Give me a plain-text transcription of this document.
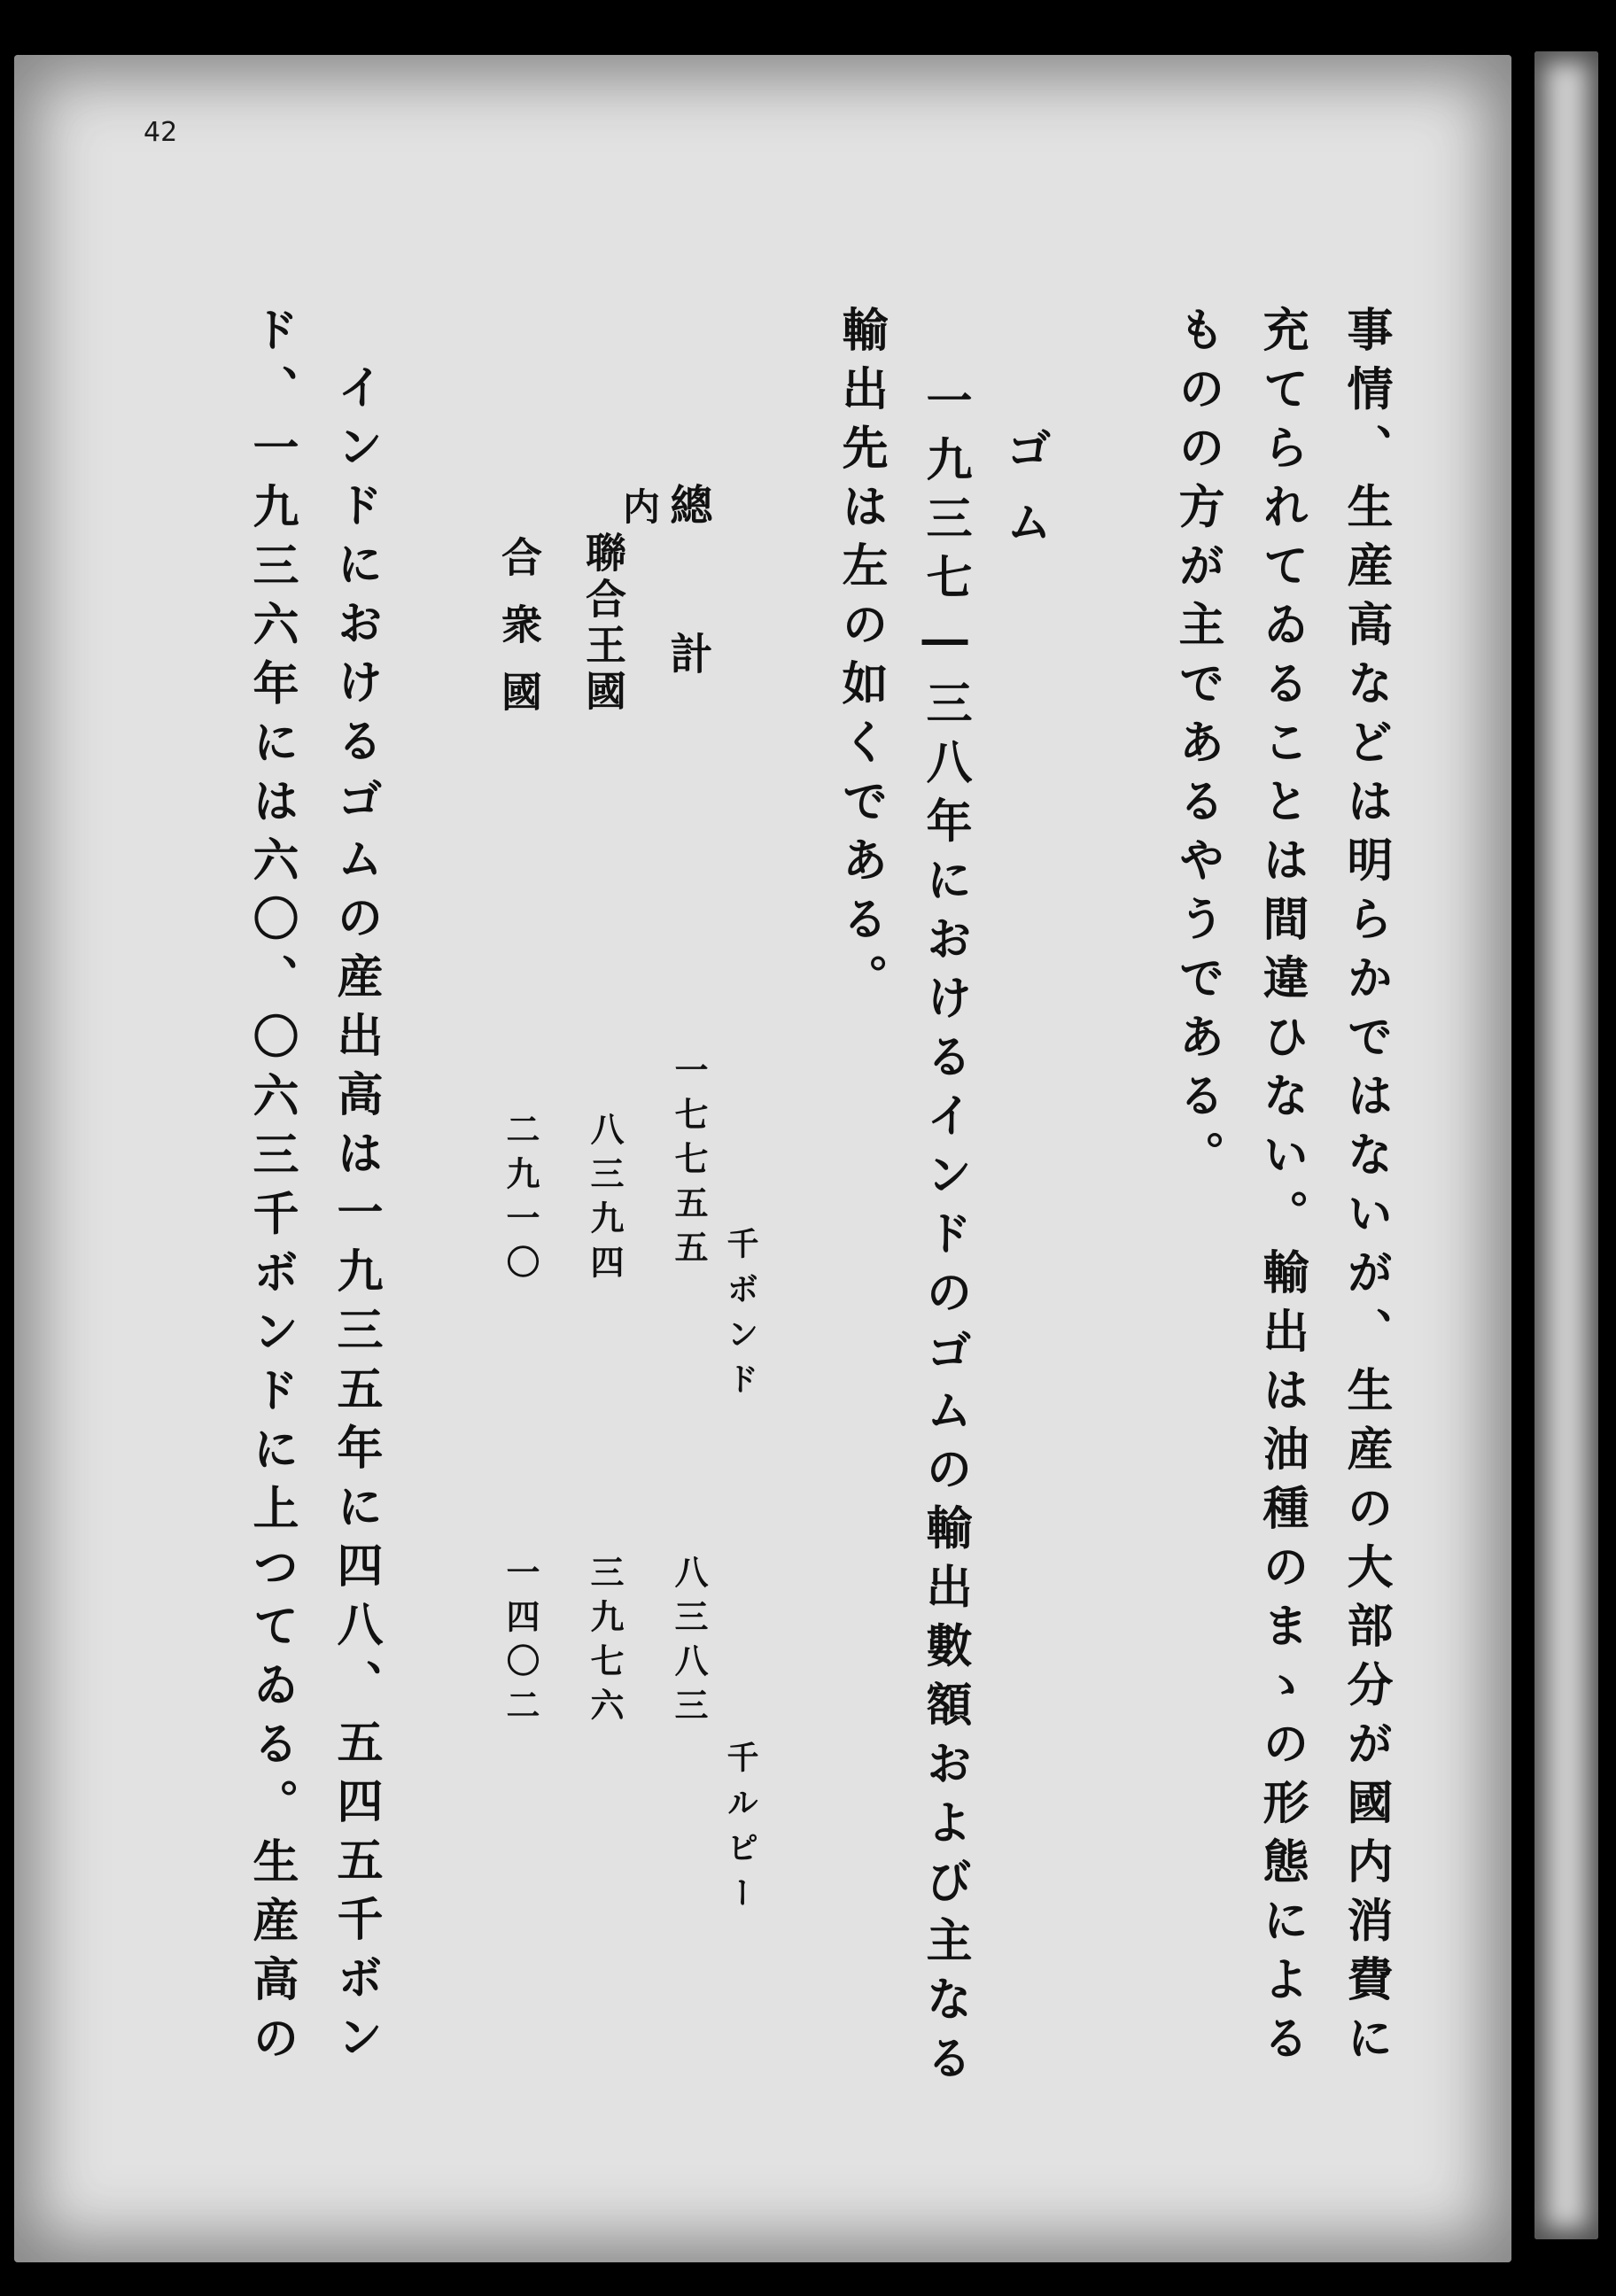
42
事情、生産高などは明らかではないが、生産の大部分が國内消費に
充てられてゐることは間違ひない。輸出は油種のまゝの形態による
ものの方が主であるやうである。
ゴム
一九三七―三八年におけるインドのゴムの輸出數額および主なる
輸出先は左の如くである。
千ボンド
千ルピー
總計
一七七五五
八三八三
内
聯合王國
八三九四
三九七六
合衆國
二九一〇
一四〇二
インドにおけるゴムの産出高は一九三五年に四八、五四五千ボン
ド、一九三六年には六〇、〇六三千ボンドに上つてゐる。生産高の
